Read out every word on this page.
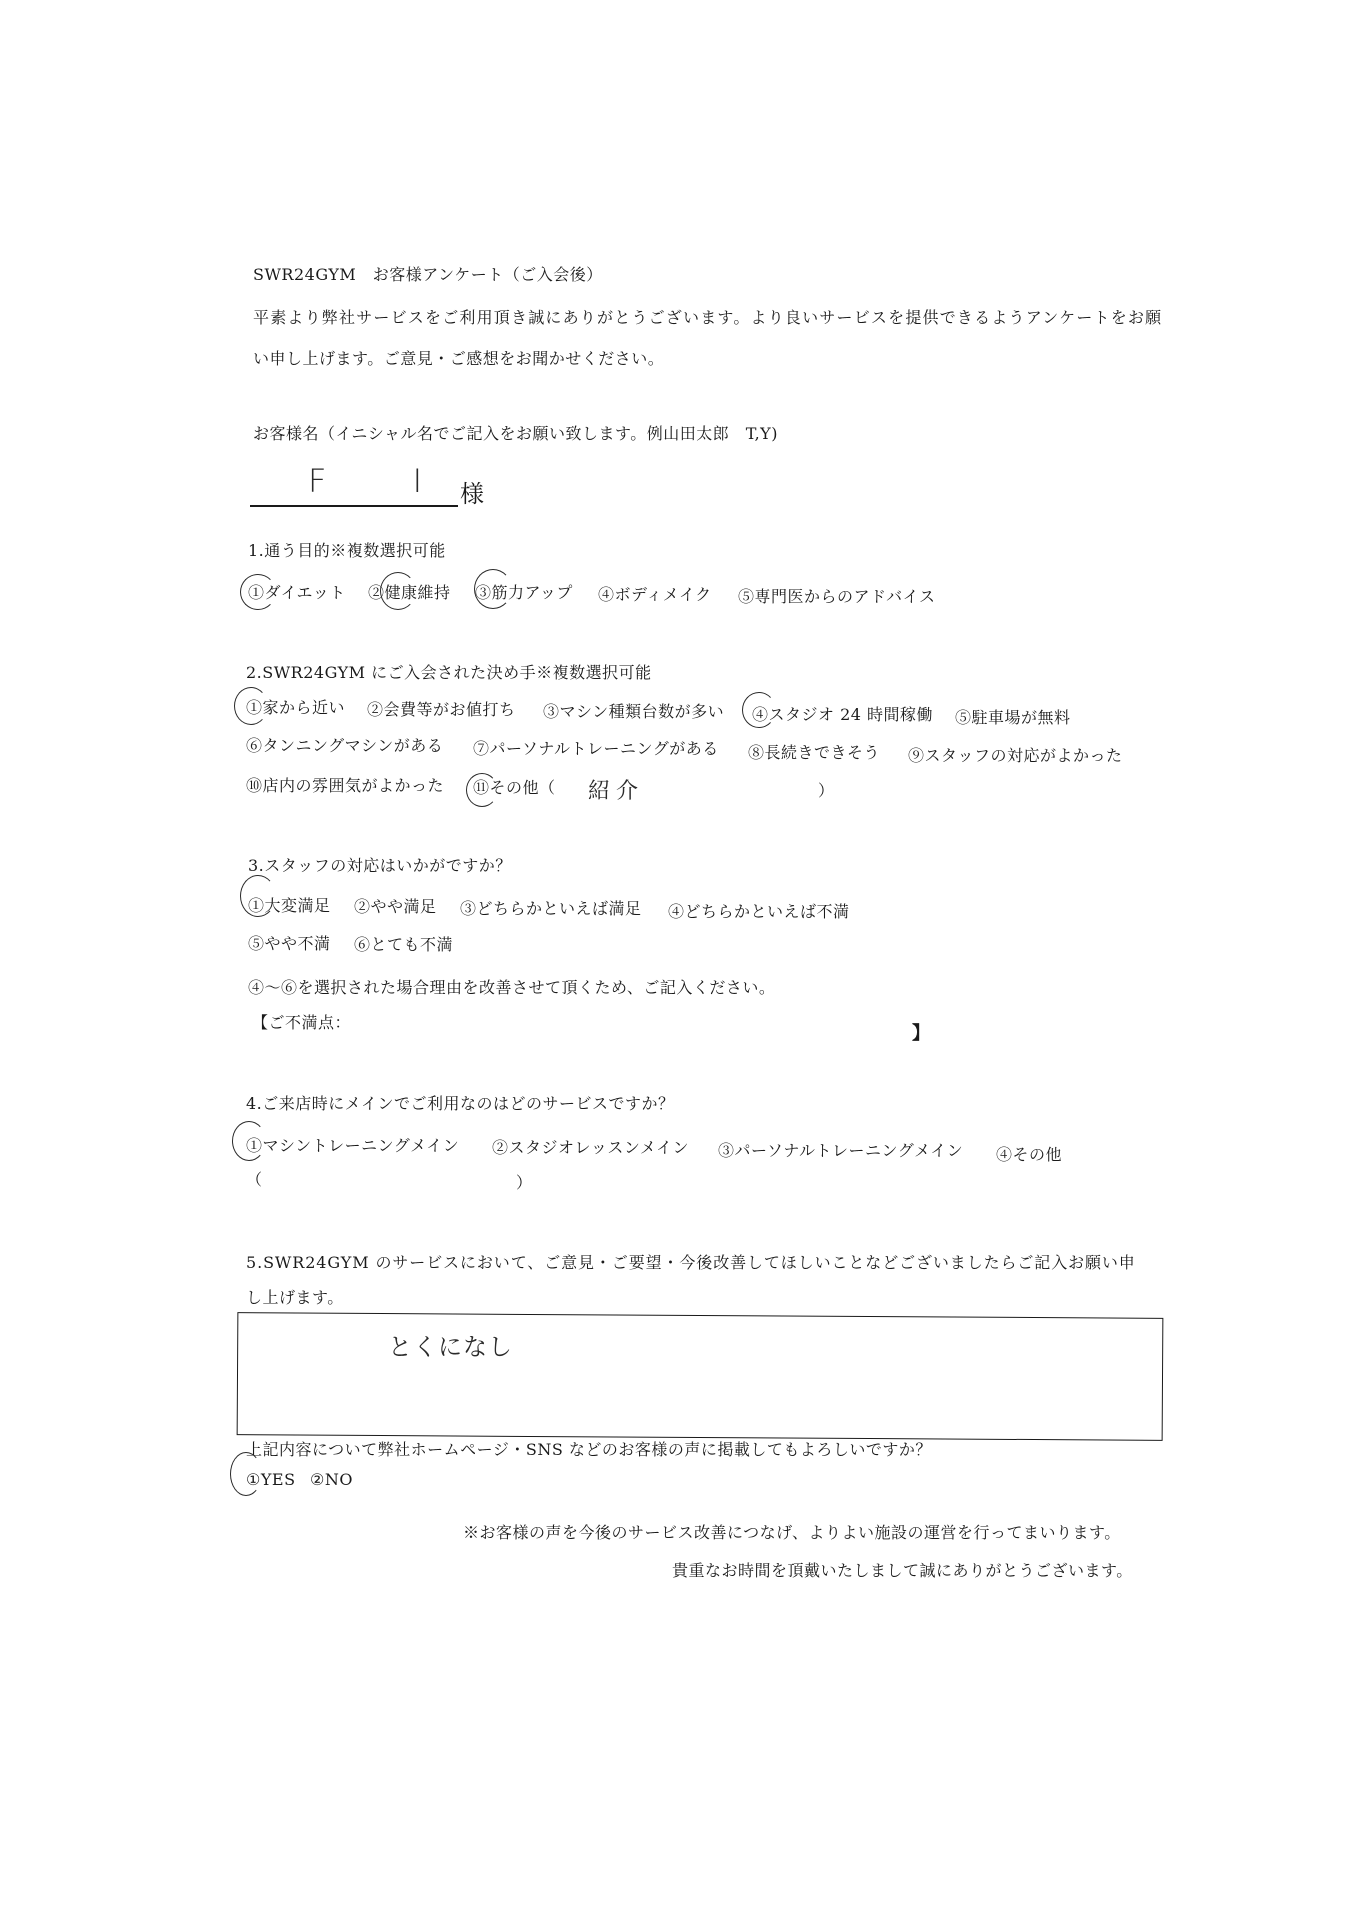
SWR24GYM　お客様アンケート（ご入会後）
平素より弊社サービスをご利用頂き誠にありがとうございます。より良いサービスを提供できるようアンケートをお願
い申し上げます。ご意見・ご感想をお聞かせください。
お客様名（イニシャル名でご記入をお願い致します。例山田太郎　T,Y)
F I 様
1.通う目的※複数選択可能
①ダイエット ②健康維持 ③筋力アップ ④ボディメイク ⑤専門医からのアドバイス
2.SWR24GYM にご入会された決め手※複数選択可能
①家から近い ②会費等がお値打ち ③マシン種類台数が多い ④スタジオ 24 時間稼働 ⑤駐車場が無料
⑥タンニングマシンがある ⑦パーソナルトレーニングがある ⑧長続きできそう ⑨スタッフの対応がよかった
⑩店内の雰囲気がよかった ⑪その他（ 紹介	）
3.スタッフの対応はいかがですか？
①大変満足 ②やや満足 ③どちらかといえば満足 ④どちらかといえば不満
⑤やや不満 ⑥とても不満
④～⑥を選択された場合理由を改善させて頂くため、ご記入ください。
【ご不満点：
】
4.ご来店時にメインでご利用なのはどのサービスですか？
①マシントレーニングメイン ②スタジオレッスンメイン ③パーソナルトレーニングメイン ④その他
（	）
5.SWR24GYM のサービスにおいて、ご意見・ご要望・今後改善してほしいことなどございましたらご記入お願い申
し上げます。
とくになし
上記内容について弊社ホームページ・SNS などのお客様の声に掲載してもよろしいですか？
①YES ②NO
※お客様の声を今後のサービス改善につなげ、よりよい施設の運営を行ってまいります。
貴重なお時間を頂戴いたしまして誠にありがとうございます。
